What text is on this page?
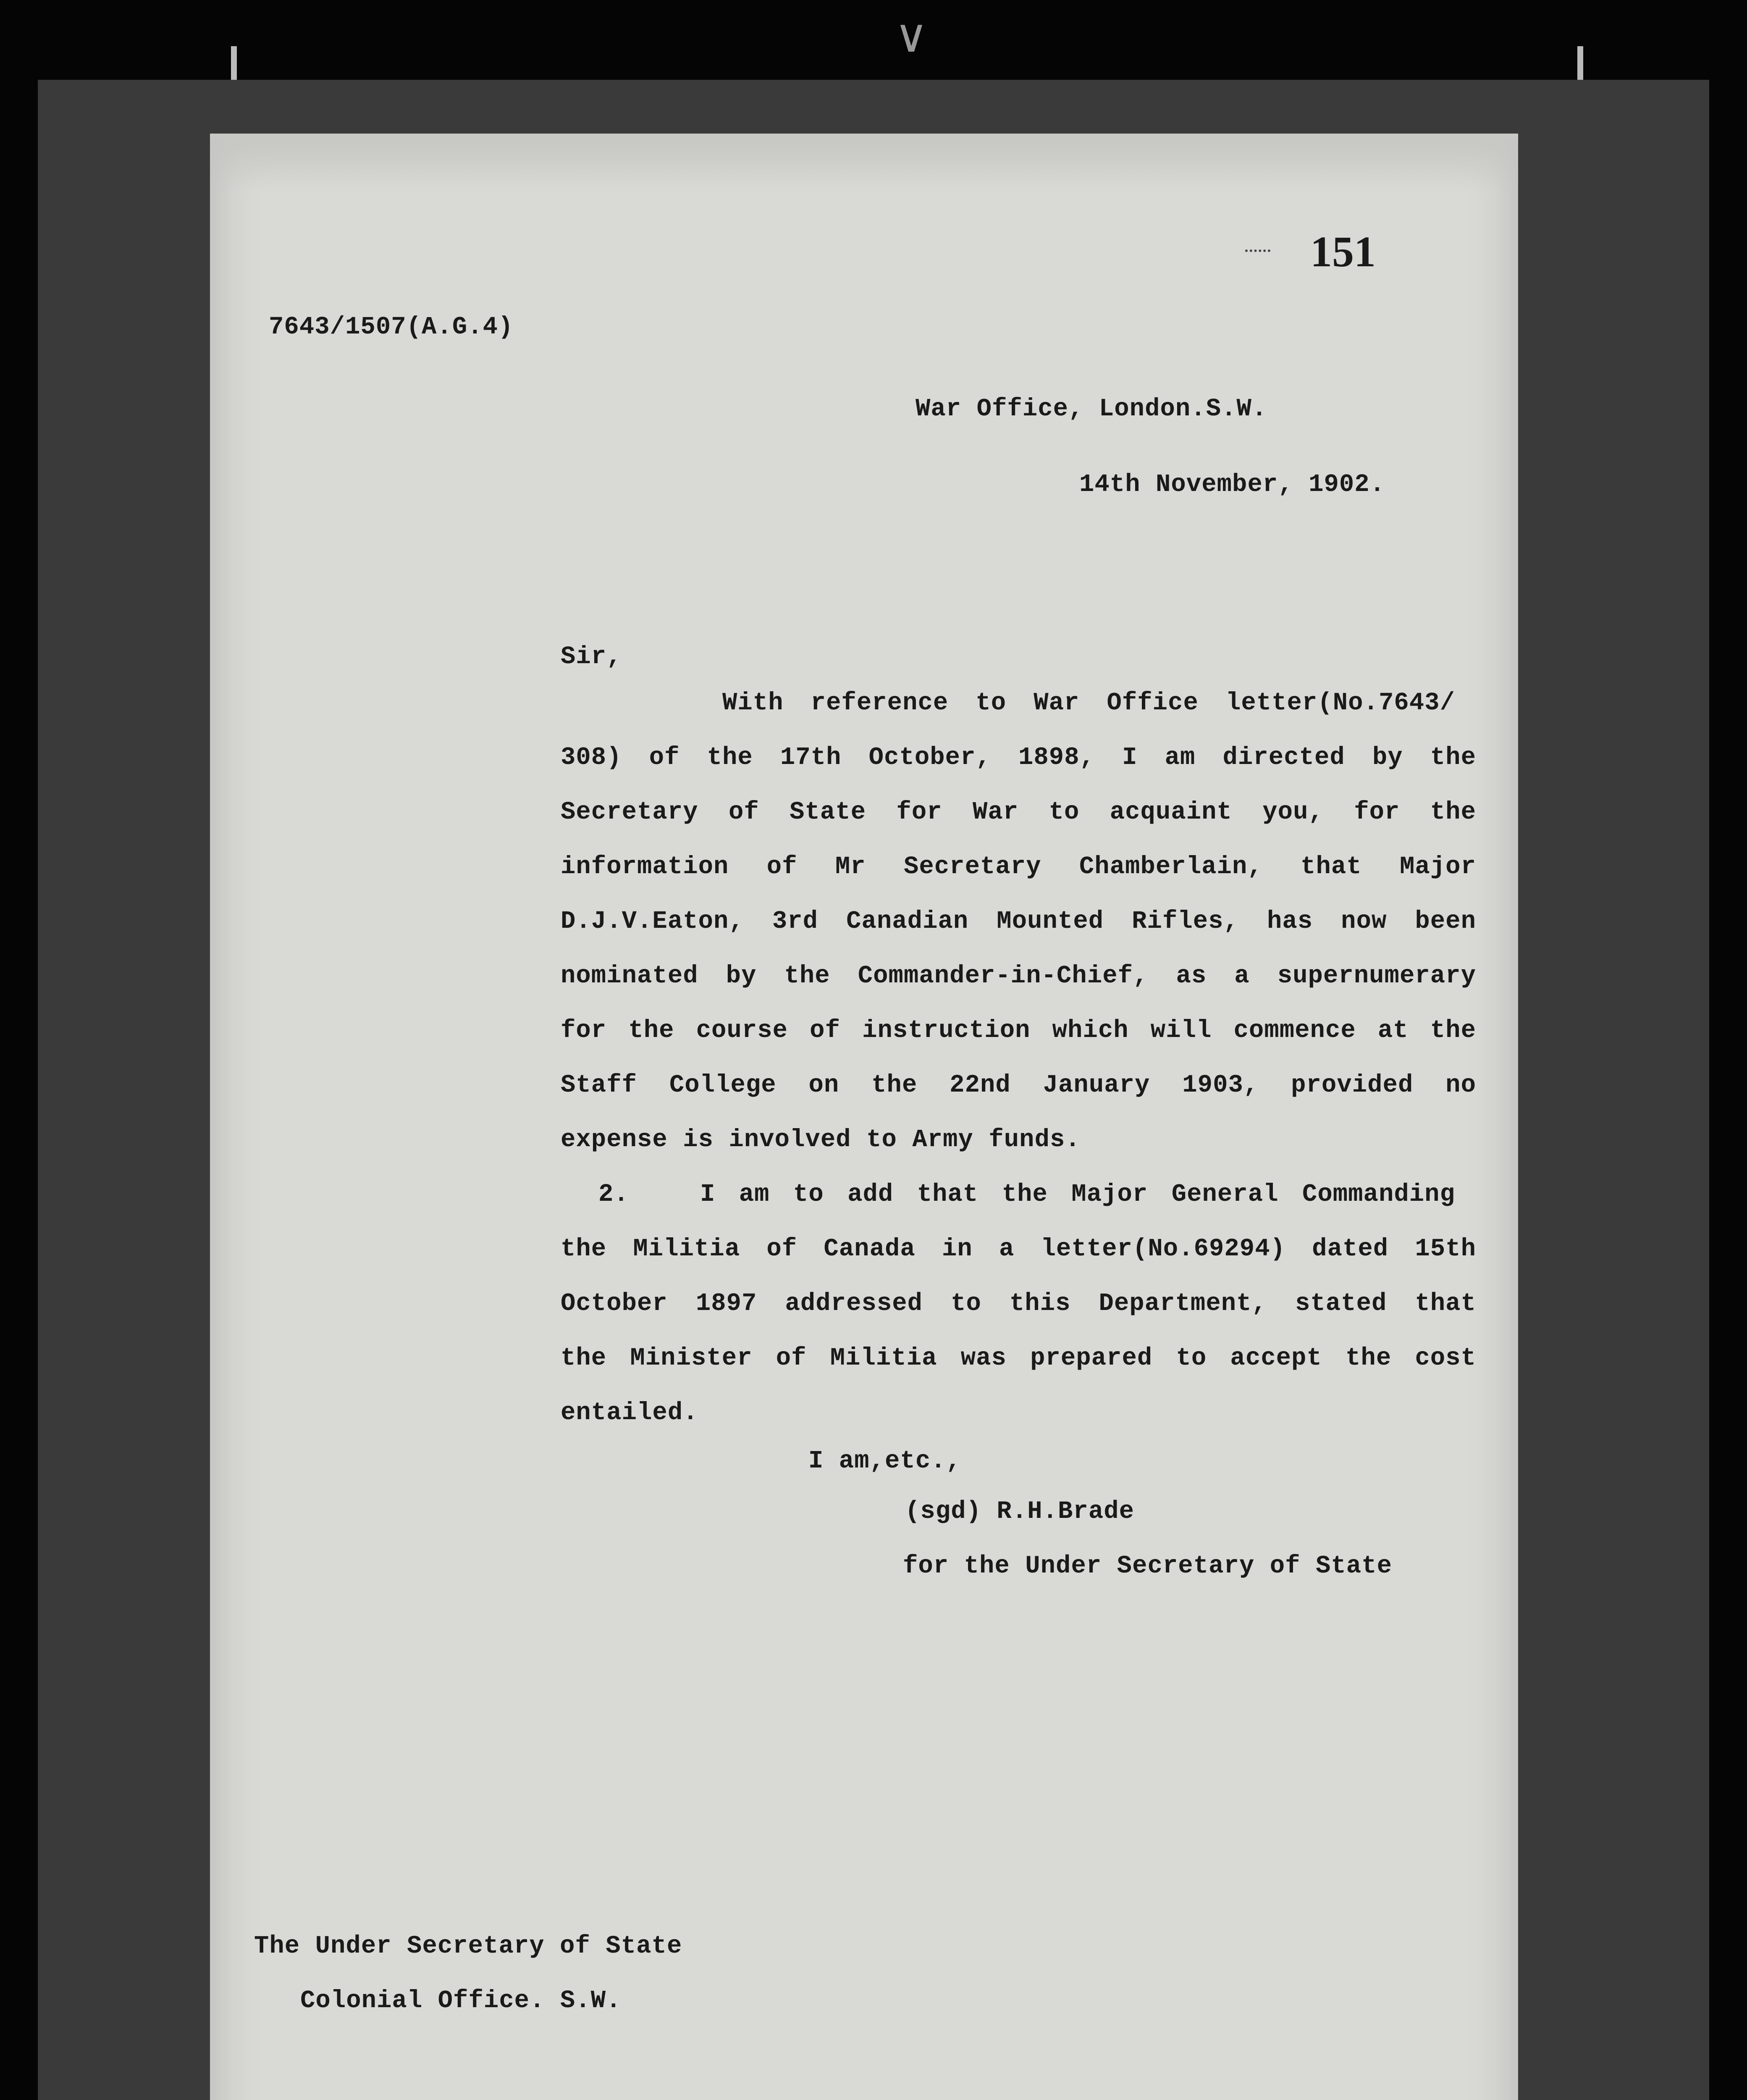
∨
151
7643/1507(A.G.4)
War Office, London.S.W.
14th November, 1902.
Sir,
With reference to War Office letter(No.7643/
308) of the 17th October, 1898, I am directed by the
Secretary of State for War to acquaint you, for the
information of Mr Secretary Chamberlain, that Major
D.J.V.Eaton, 3rd Canadian Mounted Rifles, has now been
nominated by the Commander-in-Chief, as a supernumerary
for the course of instruction which will commence at the
Staff College on the 22nd January 1903, provided no
expense is involved to Army funds.
2.   I am to add that the Major General Commanding
the Militia of Canada in a letter(No.69294) dated 15th
October 1897 addressed to this Department, stated that
the Minister of Militia was prepared to accept the cost
entailed.
I am,etc.,
(sgd) R.H.Brade
for the Under Secretary of State
The Under Secretary of State
Colonial Office. S.W.
